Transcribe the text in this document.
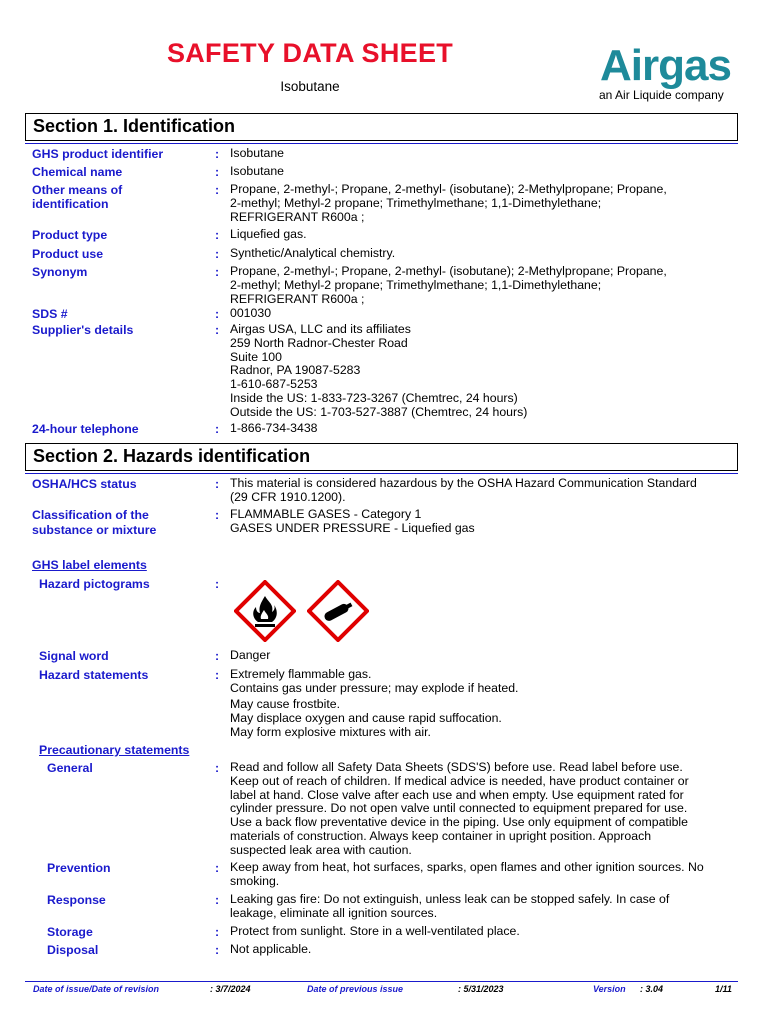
SAFETY DATA SHEET
Isobutane	Airgas
an Air Liquide company
Section 1. Identification
GHS product identifier	: Isobutane
Chemical name	: Isobutane
Other means of
identification
: Propane, 2-methyl-; Propane, 2-methyl- (isobutane); 2-Methylpropane; Propane,
2-methyl; Methyl-2 propane; Trimethylmethane; 1,1-Dimethylethane;
REFRIGERANT R600a ;
Product type	: Liquefied gas.
Product use	: Synthetic/Analytical chemistry.
Synonym	: Propane, 2-methyl-; Propane, 2-methyl- (isobutane); 2-Methylpropane; Propane,
2-methyl; Methyl-2 propane; Trimethylmethane; 1,1-Dimethylethane;
REFRIGERANT R600a ;
SDS #	: 001030
Supplier's details	: Airgas USA, LLC and its affiliates
259 North Radnor-Chester Road
Suite 100
Radnor, PA 19087-5283
1-610-687-5253
Inside the US: 1-833-723-3267 (Chemtrec, 24 hours)
Outside the US: 1-703-527-3887 (Chemtrec, 24 hours)
24-hour telephone	: 1-866-734-3438
Section 2. Hazards identification
OSHA/HCS status	: This material is considered hazardous by the OSHA Hazard Communication Standard
(29 CFR 1910.1200).
Classification of the
substance or mixture
: FLAMMABLE GASES - Category 1
GASES UNDER PRESSURE - Liquefied gas
GHS label elements
Hazard pictograms	:
Signal word	: Danger
Hazard statements	: Extremely flammable gas.
Contains gas under pressure; may explode if heated.
May cause frostbite.
May displace oxygen and cause rapid suffocation.
May form explosive mixtures with air.
Precautionary statements
General	: Read and follow all Safety Data Sheets (SDS'S) before use. Read label before use.
Keep out of reach of children. If medical advice is needed, have product container or
label at hand. Close valve after each use and when empty. Use equipment rated for
cylinder pressure. Do not open valve until connected to equipment prepared for use.
Use a back flow preventative device in the piping. Use only equipment of compatible
materials of construction. Always keep container in upright position. Approach
suspected leak area with caution.
Prevention	: Keep away from heat, hot surfaces, sparks, open flames and other ignition sources. No
smoking.
Response	: Leaking gas fire: Do not extinguish, unless leak can be stopped safely. In case of
leakage, eliminate all ignition sources.
Storage	: Protect from sunlight. Store in a well-ventilated place.
Disposal	: Not applicable.
Date of issue/Date of revision	: 3/7/2024	Date of previous issue	: 5/31/2023	Version : 3.04	1/11
